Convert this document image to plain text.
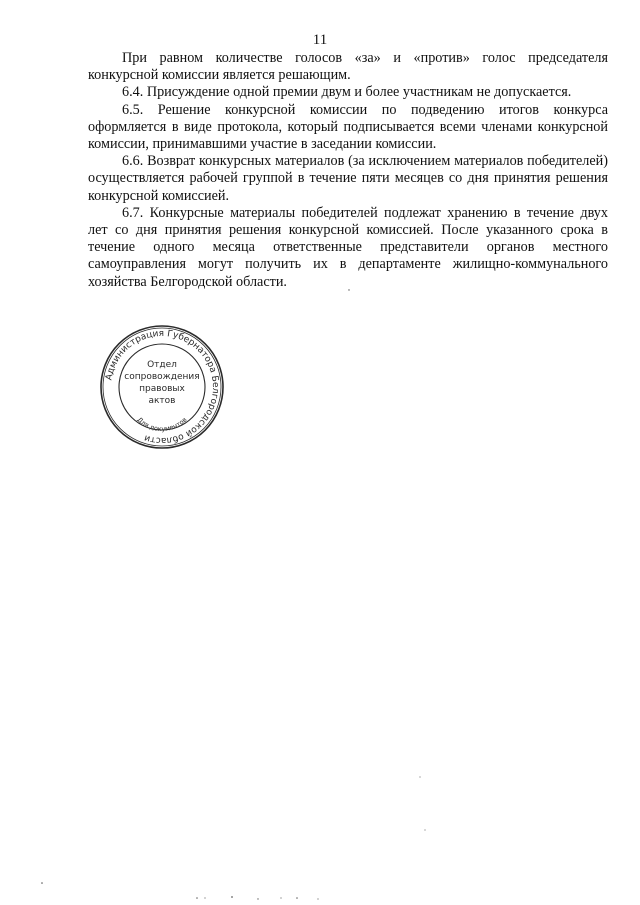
11

При равном количестве голосов «за» и «против» голос председателя конкурсной комиссии является решающим.

6.4. Присуждение одной премии двум и более участникам не допускается.

6.5. Решение конкурсной комиссии по подведению итогов конкурса оформляется в виде протокола, который подписывается всеми членами конкурсной комиссии, принимавшими участие в заседании комиссии.

6.6. Возврат конкурсных материалов (за исключением материалов победителей) осуществляется рабочей группой в течение пяти месяцев со дня принятия решения конкурсной комиссией.

6.7. Конкурсные материалы победителей подлежат хранению в течение двух лет со дня принятия решения конкурсной комиссией. После указанного срока в течение одного месяца ответственные представители органов местного самоуправления могут получить их в департаменте жилищно-коммунального хозяйства Белгородской области.

Администрация Губернатора Белгородской области
Отдел
сопровождения
правовых
актов
Для документов
